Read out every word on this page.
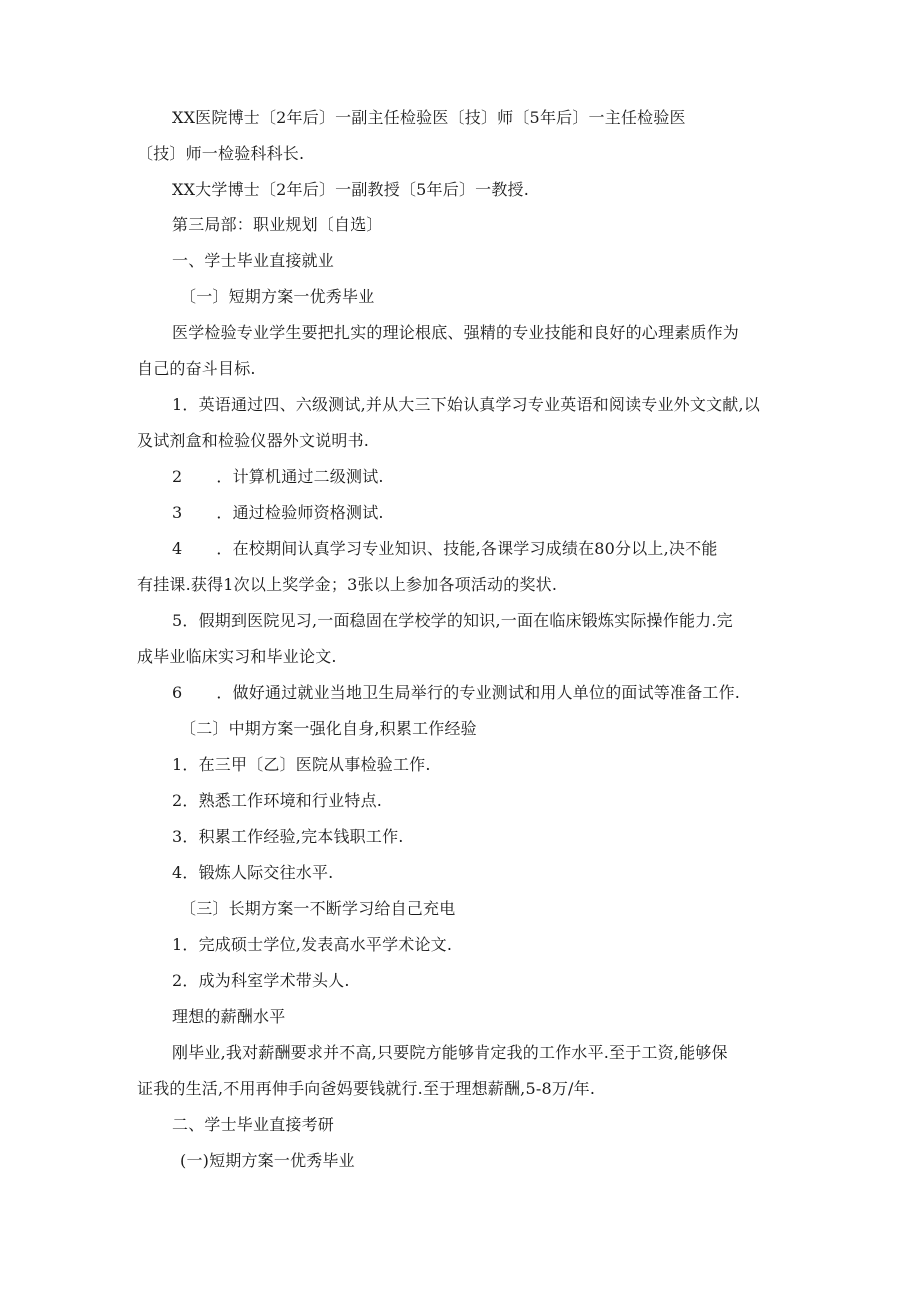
XX医院博士〔2年后〕一副主任检验医〔技〕师〔5年后〕一主任检验医
〔技〕师一检验科科长.
XX大学博士〔2年后〕一副教授〔5年后〕一教授.
第三局部：职业规划〔自选〕
一、学士毕业直接就业
〔一〕短期方案一优秀毕业
医学检验专业学生要把扎实的理论根底、强精的专业技能和良好的心理素质作为
自己的奋斗目标.
1．英语通过四、六级测试,并从大三下始认真学习专业英语和阅读专业外文文献,以
及试剂盒和检验仪器外文说明书.
2 ．计算机通过二级测试.
3 ．通过检验师资格测试.
4 ．在校期间认真学习专业知识、技能,各课学习成绩在80分以上,决不能
有挂课.获得1次以上奖学金；3张以上参加各项活动的奖状.
5．假期到医院见习,一面稳固在学校学的知识,一面在临床锻炼实际操作能力.完
成毕业临床实习和毕业论文.
6 ．做好通过就业当地卫生局举行的专业测试和用人单位的面试等准备工作.
〔二〕中期方案一强化自身,积累工作经验
1．在三甲〔乙〕医院从事检验工作.
2．熟悉工作环境和行业特点.
3．积累工作经验,完本钱职工作.
4．锻炼人际交往水平.
〔三〕长期方案一不断学习给自己充电
1．完成硕士学位,发表高水平学术论文.
2．成为科室学术带头人.
理想的薪酬水平
刚毕业,我对薪酬要求并不高,只要院方能够肯定我的工作水平.至于工资,能够保
证我的生活,不用再伸手向爸妈要钱就行.至于理想薪酬,5-8万/年.
二、学士毕业直接考研
(一)短期方案一优秀毕业
